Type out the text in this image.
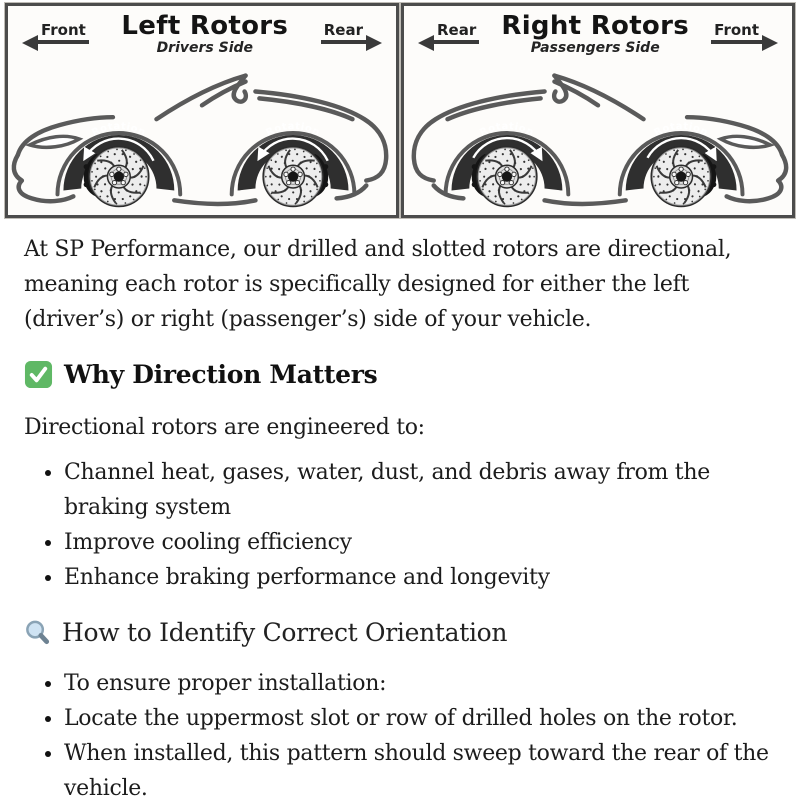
Front	Left Rotors
Drivers Side
Rear
Rotation	Rotation
Rear Right Rotors
Passengers Side
Front
Rotation	Rotation

At SP Performance, our drilled and slotted rotors are directional, meaning each rotor is specifically designed for either the left (driver’s) or right (passenger’s) side of your vehicle.

Why Direction Matters

Directional rotors are engineered to:

• Channel heat, gases, water, dust, and debris away from the braking system
• Improve cooling efficiency
• Enhance braking performance and longevity
How to Identify Correct Orientation
• To ensure proper installation:
• Locate the uppermost slot or row of drilled holes on the rotor.
• When installed, this pattern should sweep toward the rear of the vehicle.
